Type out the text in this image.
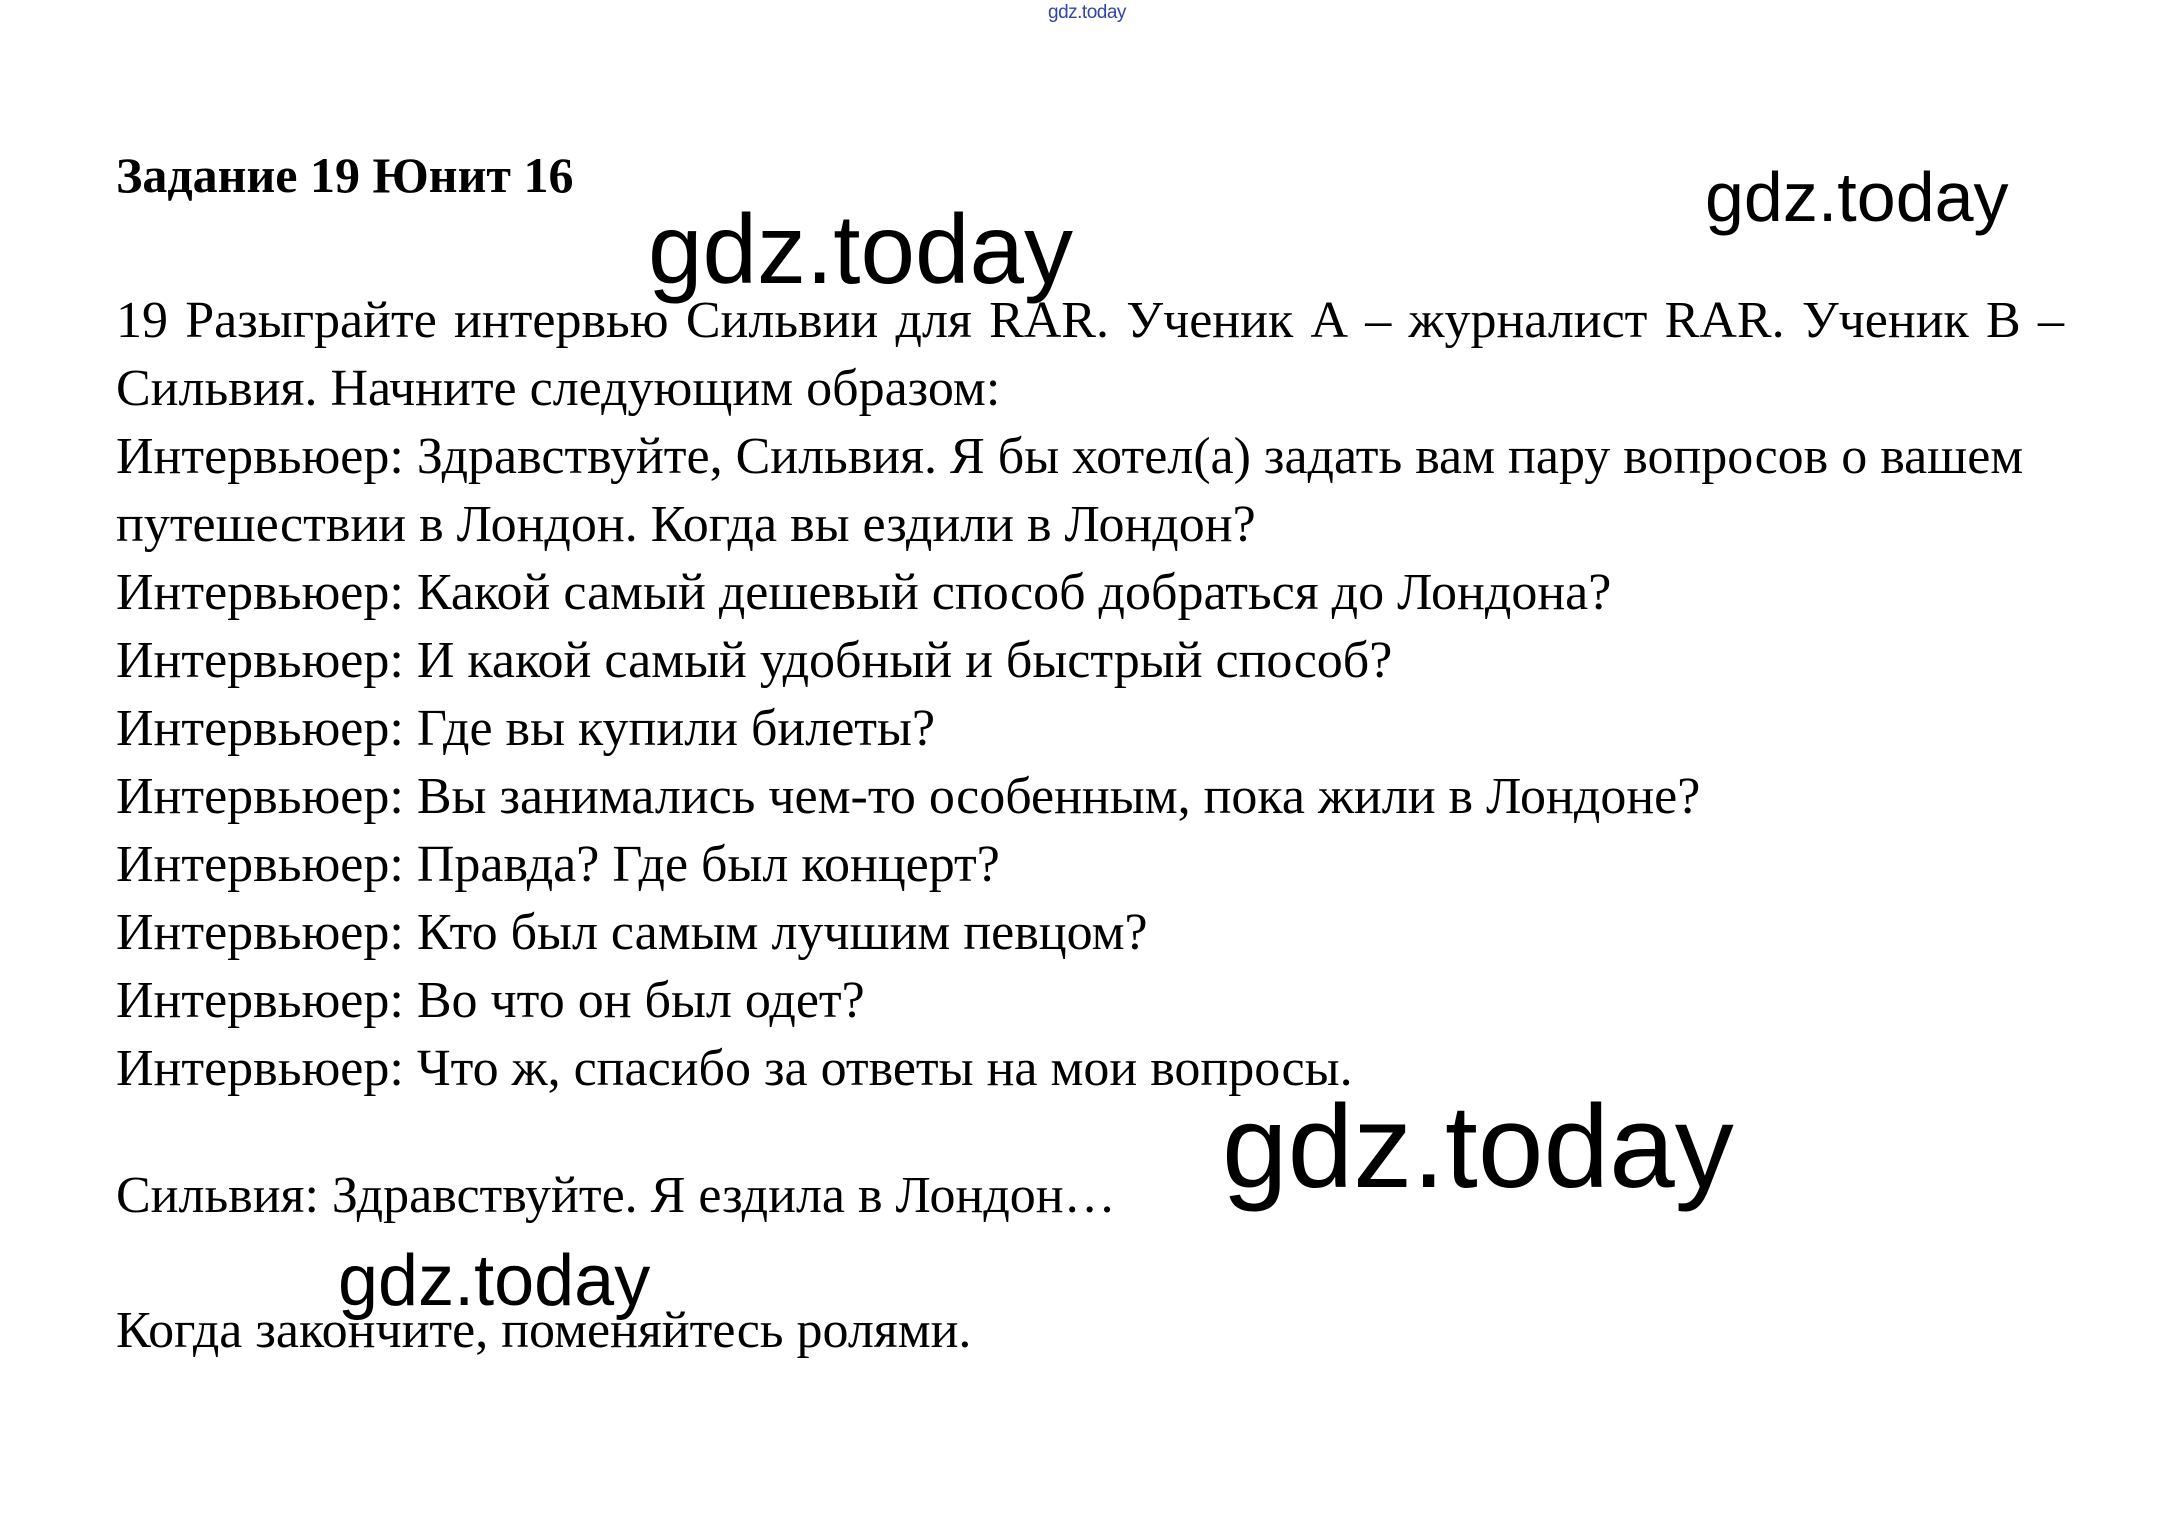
gdz.today
Задание 19 Юнит 16

19 Разыграйте интервью Сильвии для RAR. Ученик А – журналист RAR. Ученик В – Сильвия. Начните следующим образом:

Интервьюер: Здравствуйте, Сильвия. Я бы хотел(а) задать вам пару вопросов о вашем путешествии в Лондон. Когда вы ездили в Лондон?
Интервьюер: Какой самый дешевый способ добраться до Лондона?
Интервьюер: И какой самый удобный и быстрый способ?
Интервьюер: Где вы купили билеты?
Интервьюер: Вы занимались чем-то особенным, пока жили в Лондоне?
Интервьюер: Правда? Где был концерт?
Интервьюер: Кто был самым лучшим певцом?
Интервьюер: Во что он был одет?
Интервьюер: Что ж, спасибо за ответы на мои вопросы.

Сильвия: Здравствуйте. Я ездила в Лондон…

Когда закончите, поменяйтесь ролями.

gdz.today
gdz.today
gdz.today
gdz.today
